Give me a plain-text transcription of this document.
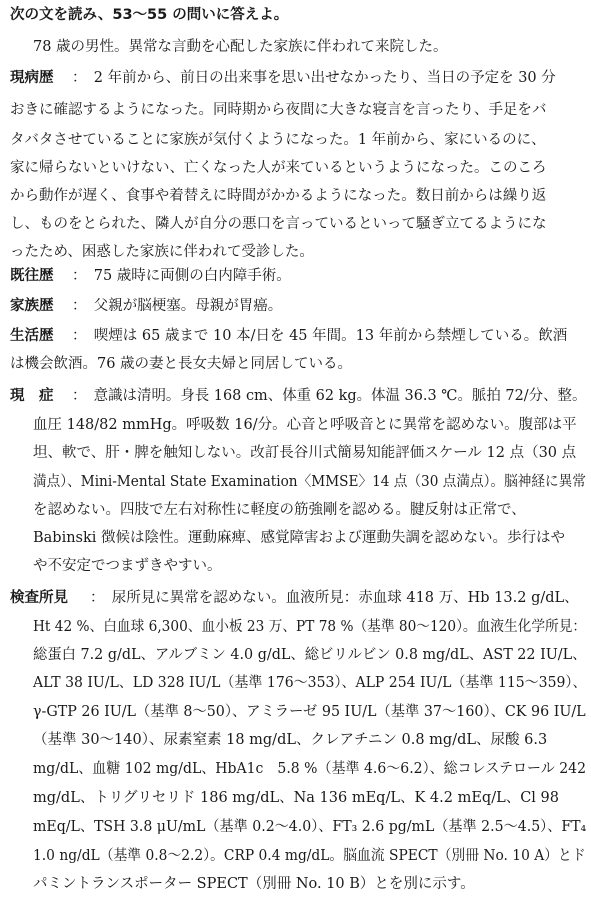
次の文を読み、53～55 の問いに答えよ。
78 歳の男性。異常な言動を心配した家族に伴われて来院した。
現病歴 ：　2 年前から、前日の出来事を思い出せなかったり、当日の予定を 30 分
おきに確認するようになった。同時期から夜間に大きな寝言を言ったり、手足をバ
タバタさせていることに家族が気付くようになった。1 年前から、家にいるのに、
家に帰らないといけない、亡くなった人が来ているというようになった。このころ
から動作が遅く、食事や着替えに時間がかかるようになった。数日前からは繰り返
し、ものをとられた、隣人が自分の悪口を言っているといって騒ぎ立てるようにな
ったため、困惑した家族に伴われて受診した。
既往歴 ：　75 歳時に両側の白内障手術。
家族歴 ：　父親が脳梗塞。母親が胃癌。
生活歴 ：　喫煙は 65 歳まで 10 本/日を 45 年間。13 年前から禁煙している。飲酒
は機会飲酒。76 歳の妻と長女夫婦と同居している。
現　症 ：　意識は清明。身長 168 cm、体重 62 kg。体温 36.3 ℃。脈拍 72/分、整。
血圧 148/82 mmHg。呼吸数 16/分。心音と呼吸音とに異常を認めない。腹部は平
坦、軟で、肝・脾を触知しない。改訂長谷川式簡易知能評価スケール 12 点（30 点
満点）、Mini-Mental State Examination〈MMSE〉14 点（30 点満点）。脳神経に異常
を認めない。四肢で左右対称性に軽度の筋強剛を認める。腱反射は正常で、
Babinski 徴候は陰性。運動麻痺、感覚障害および運動失調を認めない。歩行はや
や不安定でつまずきやすい。
検査所見 ：　尿所見に異常を認めない。血液所見：赤血球 418 万、Hb 13.2 g/dL、
Ht 42 %、白血球 6,300、血小板 23 万、PT 78 %（基準 80～120）。血液生化学所見：
総蛋白 7.2 g/dL、アルブミン 4.0 g/dL、総ビリルビン 0.8 mg/dL、AST 22 IU/L、
ALT 38 IU/L、LD 328 IU/L（基準 176～353）、ALP 254 IU/L（基準 115～359）、
γ-GTP 26 IU/L（基準 8～50）、アミラーゼ 95 IU/L（基準 37～160）、CK 96 IU/L
（基準 30～140）、尿素窒素 18 mg/dL、クレアチニン 0.8 mg/dL、尿酸 6.3
mg/dL、血糖 102 mg/dL、HbA1c　5.8 %（基準 4.6～6.2）、総コレステロール 242
mg/dL、トリグリセリド 186 mg/dL、Na 136 mEq/L、K 4.2 mEq/L、Cl 98
mEq/L、TSH 3.8 μU/mL（基準 0.2～4.0）、FT₃ 2.6 pg/mL（基準 2.5～4.5）、FT₄
1.0 ng/dL（基準 0.8～2.2）。CRP 0.4 mg/dL。脳血流 SPECT（別冊 No. 10 A）とド
パミントランスポーター SPECT（別冊 No. 10 B）とを別に示す。
